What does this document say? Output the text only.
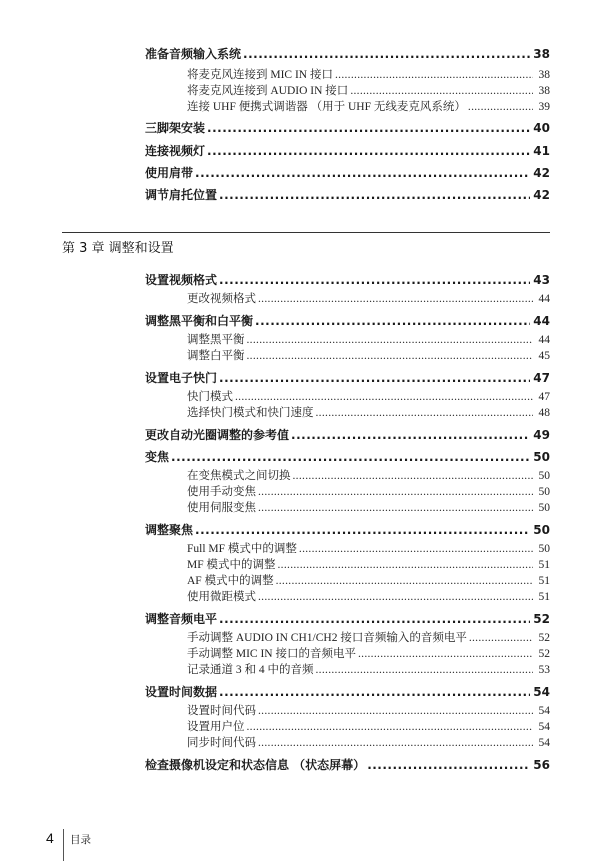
准备音频输入系统 .....	38
将麦克风连接到 MIC IN 接口 .....	38
将麦克风连接到 AUDIO IN 接口 .....	38
连接 UHF 便携式调谐器 （用于 UHF 无线麦克风系统） .....	39
三脚架安装 .....	40
连接视频灯 .....	41
使用肩带 .....	42
调节肩托位置 .....	42
第 3 章 调整和设置
设置视频格式 .....	43
更改视频格式 .....	44
调整黑平衡和白平衡 .....	44
调整黑平衡 .....	44
调整白平衡 .....	45
设置电子快门 .....	47
快门模式 .....	47
选择快门模式和快门速度 .....	48
更改自动光圈调整的参考值 .....	49
变焦 .....	50
在变焦模式之间切换 .....	50
使用手动变焦 .....	50
使用伺服变焦 .....	50
调整聚焦 .....	50
Full MF 模式中的调整 .....	50
MF 模式中的调整 .....	51
AF 模式中的调整 .....	51
使用微距模式 .....	51
调整音频电平 .....	52
手动调整 AUDIO IN CH1/CH2 接口音频输入的音频电平 .....	52
手动调整 MIC IN 接口的音频电平 .....	52
记录通道 3 和 4 中的音频 .....	53
设置时间数据 .....	54
设置时间代码 .....	54
设置用户位 .....	54
同步时间代码 .....	54
检查摄像机设定和状态信息 （状态屏幕） .....	56
4 目录
